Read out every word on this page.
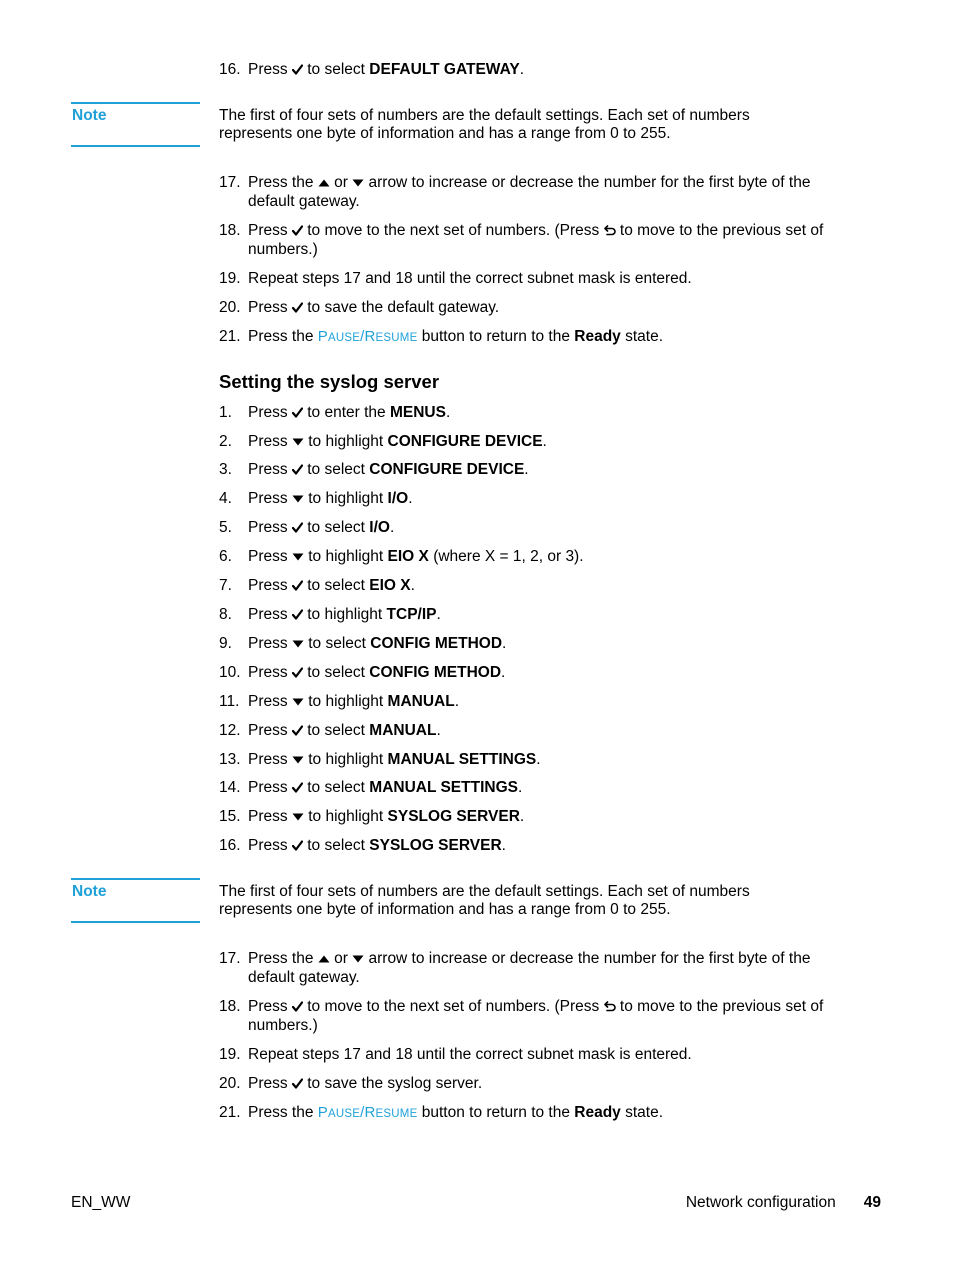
16. Press
to select DEFAULT GATEWAY.
Note	The first of four sets of numbers are the default settings. Each set of numbers represents one byte of information and has a range from 0 to 255.
17. Press the
or
arrow to increase or decrease the number for the first byte of the default gateway.
18. Press
to move to the next set of numbers. (Press
to move to the previous set of numbers.)
19. Repeat steps 17 and 18 until the correct subnet mask is entered.
20. Press
to save the default gateway.
21. Press the PAUSE/RESUME button to return to the Ready state.
Setting the syslog server
1. Press
to enter the MENUS.
2. Press
to highlight CONFIGURE DEVICE.
3. Press
to select CONFIGURE DEVICE.
4. Press
to highlight I/O.
5. Press
to select I/O.
6. Press
to highlight EIO X (where X = 1, 2, or 3).
7. Press
to select EIO X.
8. Press
to highlight TCP/IP.
9. Press
to select CONFIG METHOD.
10. Press
to select CONFIG METHOD.
11. Press
to highlight MANUAL.
12. Press
to select MANUAL.
13. Press
to highlight MANUAL SETTINGS.
14. Press
to select MANUAL SETTINGS.
15. Press
to highlight SYSLOG SERVER.
16. Press
to select SYSLOG SERVER.
Note	The first of four sets of numbers are the default settings. Each set of numbers represents one byte of information and has a range from 0 to 255.
17. Press the
or
arrow to increase or decrease the number for the first byte of the default gateway.
18. Press
to move to the next set of numbers. (Press
to move to the previous set of numbers.)
19. Repeat steps 17 and 18 until the correct subnet mask is entered.
20. Press
to save the syslog server.
21. Press the PAUSE/RESUME button to return to the Ready state.
EN_WW	Network configuration 49
